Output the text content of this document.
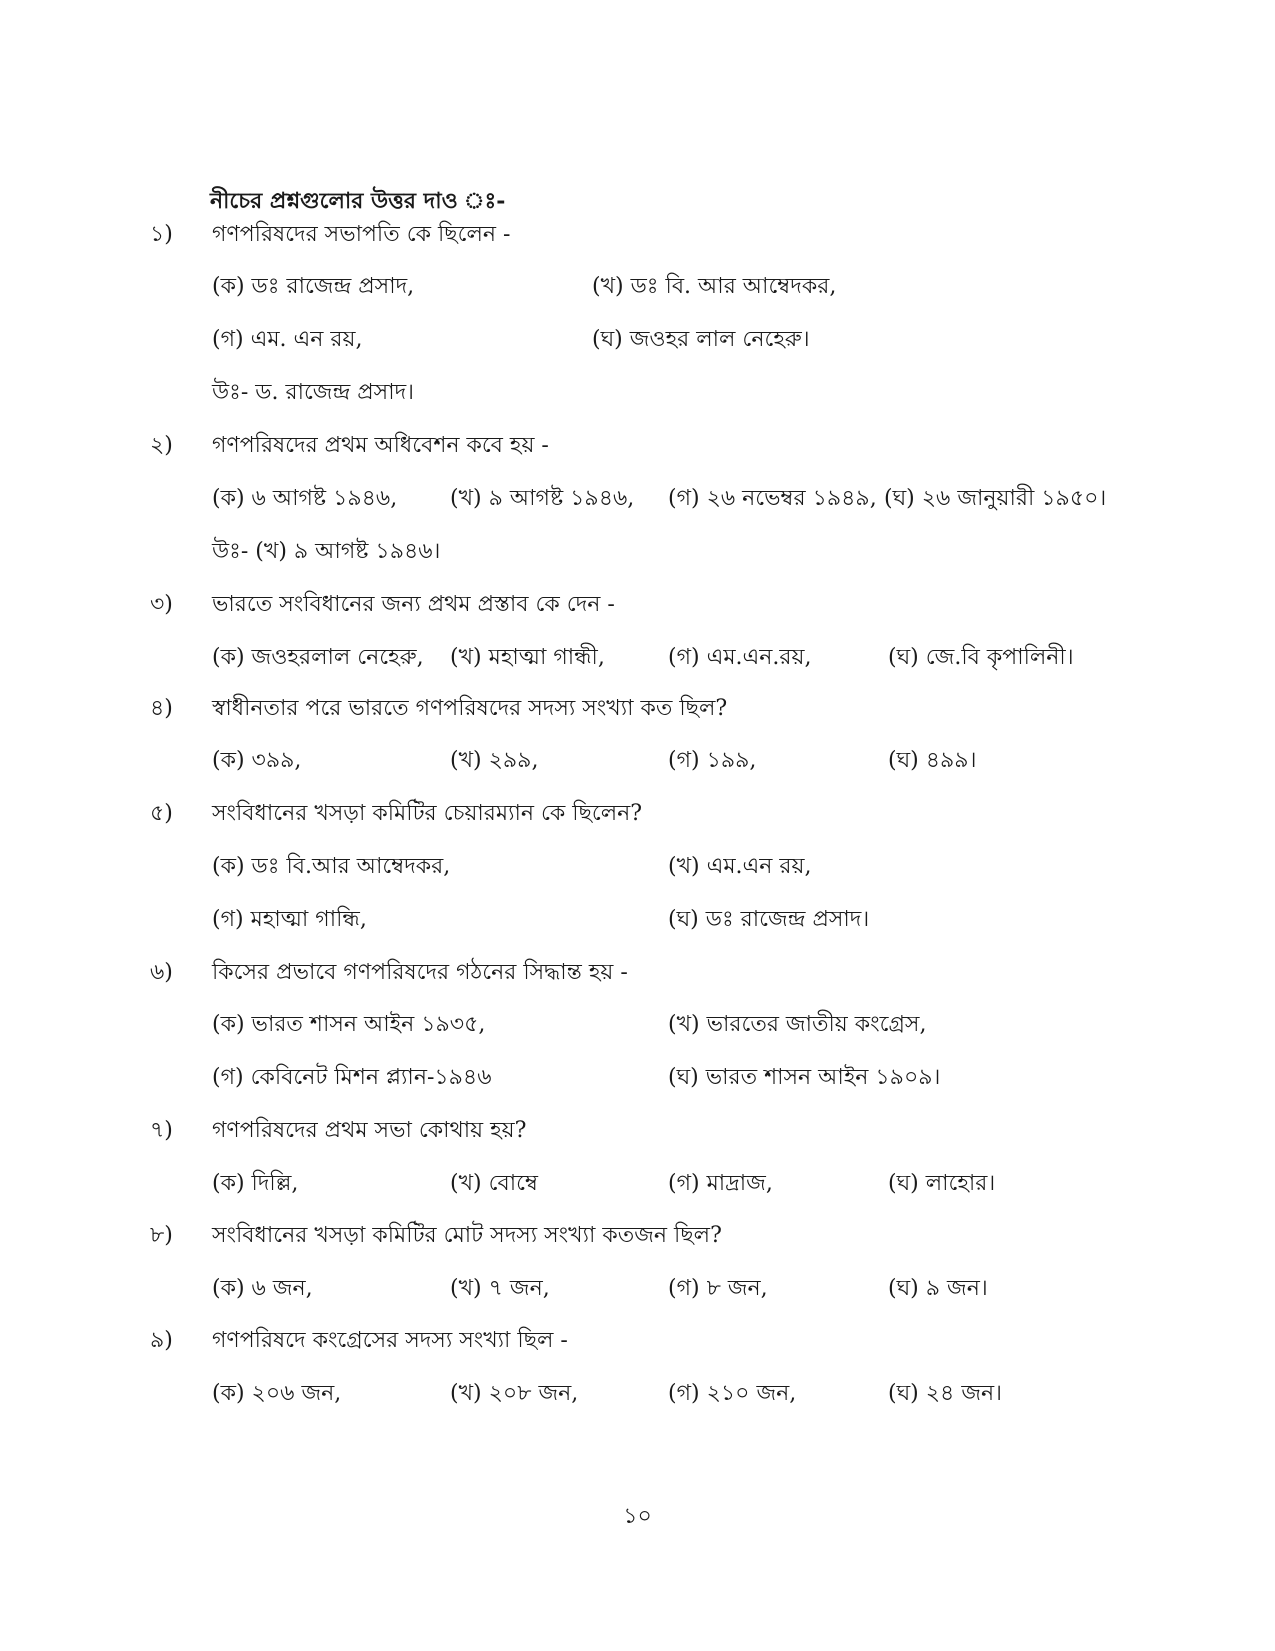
নীচের প্রশ্নগুলোর উত্তর দাও ঃ-
১) গণপরিষদের সভাপতি কে ছিলেন -
(ক) ডঃ রাজেন্দ্র প্রসাদ,	(খ) ডঃ বি. আর আম্বেদকর,
(গ) এম. এন রয়,	(ঘ) জওহর লাল নেহেরু।
উঃ- ড. রাজেন্দ্র প্রসাদ।
২) গণপরিষদের প্রথম অধিবেশন কবে হয় -
(ক) ৬ আগষ্ট ১৯৪৬, (খ) ৯ আগষ্ট ১৯৪৬, (গ) ২৬ নভেম্বর ১৯৪৯, (ঘ) ২৬ জানুয়ারী ১৯৫০।
উঃ- (খ) ৯ আগষ্ট ১৯৪৬।
৩) ভারতে সংবিধানের জন্য প্রথম প্রস্তাব কে দেন -
(ক) জওহরলাল নেহেরু, (খ) মহাত্মা গান্ধী,	(গ) এম.এন.রয়,	(ঘ) জে.বি কৃপালিনী।
৪) স্বাধীনতার পরে ভারতে গণপরিষদের সদস্য সংখ্যা কত ছিল?
(ক) ৩৯৯,	(খ) ২৯৯,	(গ) ১৯৯,	(ঘ) ৪৯৯।
৫) সংবিধানের খসড়া কমিটির চেয়ারম্যান কে ছিলেন?
(ক) ডঃ বি.আর আম্বেদকর,	(খ) এম.এন রয়,
(গ) মহাত্মা গান্ধি,	(ঘ) ডঃ রাজেন্দ্র প্রসাদ।
৬) কিসের প্রভাবে গণপরিষদের গঠনের সিদ্ধান্ত হয় -
(ক) ভারত শাসন আইন ১৯৩৫,	(খ) ভারতের জাতীয় কংগ্রেস,
(গ) কেবিনেট মিশন প্ল্যান-১৯৪৬	(ঘ) ভারত শাসন আইন ১৯০৯।
৭) গণপরিষদের প্রথম সভা কোথায় হয়?
(ক) দিল্লি,	(খ) বোম্বে	(গ) মাদ্রাজ,	(ঘ) লাহোর।
৮) সংবিধানের খসড়া কমিটির মোট সদস্য সংখ্যা কতজন ছিল?
(ক) ৬ জন,	(খ) ৭ জন,	(গ) ৮ জন,	(ঘ) ৯ জন।
৯) গণপরিষদে কংগ্রেসের সদস্য সংখ্যা ছিল -
(ক) ২০৬ জন,	(খ) ২০৮ জন,	(গ) ২১০ জন,	(ঘ) ২৪ জন।
১০
